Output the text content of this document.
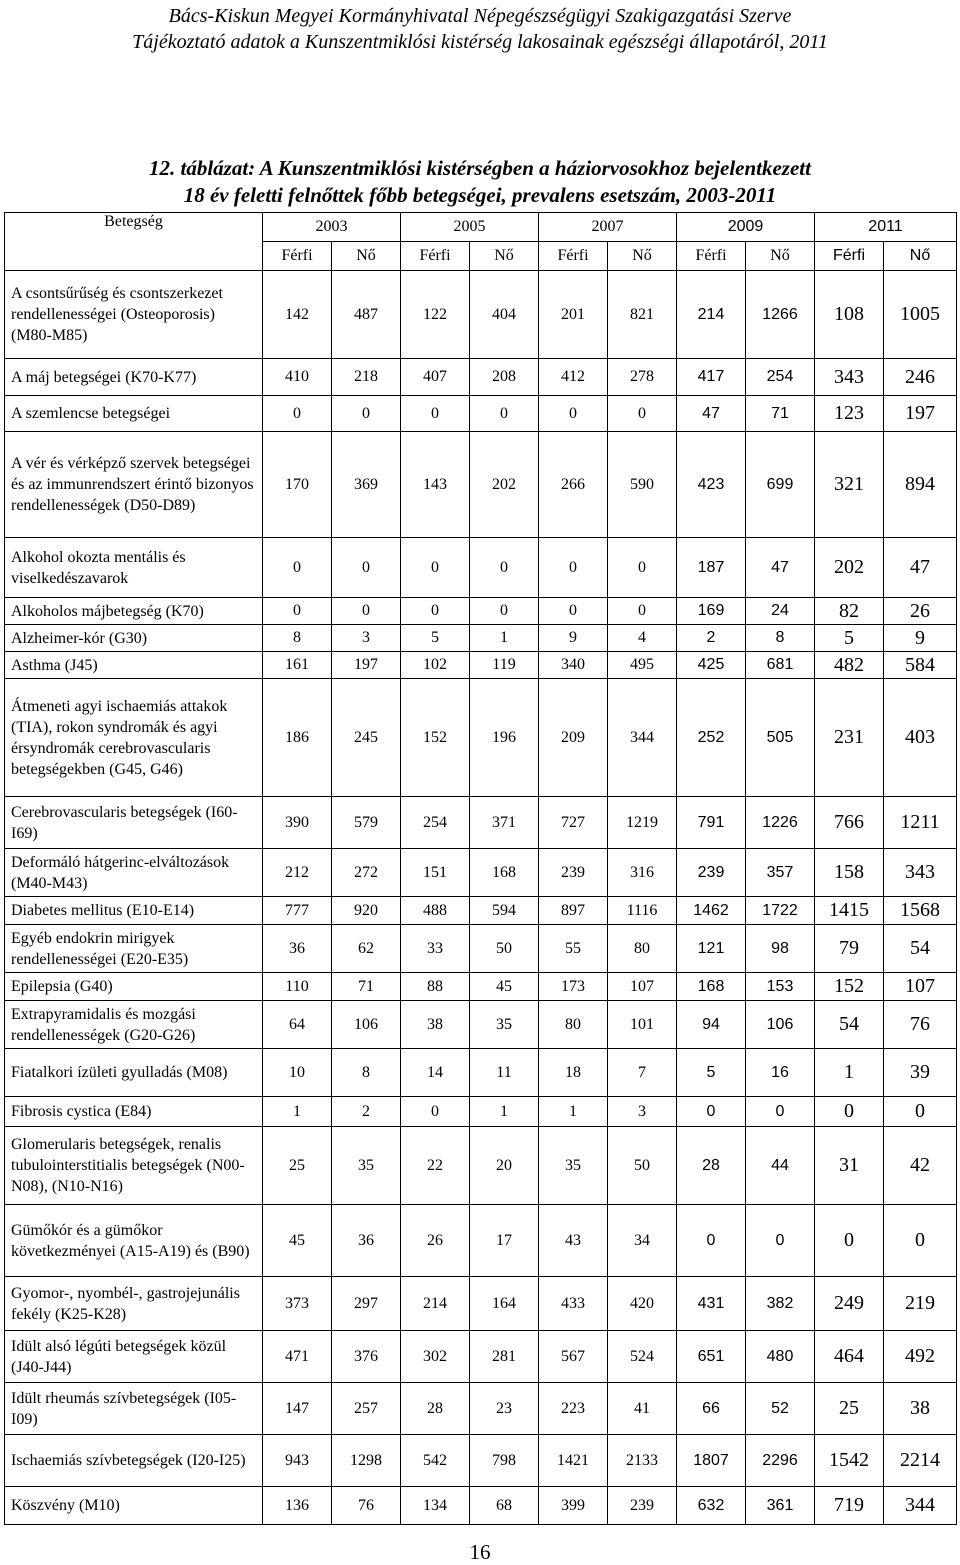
Bács-Kiskun Megyei Kormányhivatal Népegészségügyi Szakigazgatási Szerve
Tájékoztató adatok a Kunszentmiklósi kistérség lakosainak egészségi állapotáról, 2011
12. táblázat: A Kunszentmiklósi kistérségben a háziorvosokhoz bejelentkezett
18 év feletti felnőttek főbb betegségei, prevalens esetszám, 2003-2011
Betegség	2003		2005		2007		2009		2011	
	Férfi	Nő	Férfi	Nő	Férfi	Nő	Férfi	Nő	Férfi	Nő

A csontsűrűség és csontszerkezet rendellenességei (Osteoporosis) (M80-M85)	142	487	122	404	201	821	214	1266	108	1005

A máj betegségei (K70-K77)	410	218	407	208	412	278	417	254	343	246

A szemlencse betegségei	0	0	0	0	0	0	47	71	123	197

A vér és vérképző szervek betegségei és az immunrendszert érintő bizonyos rendellenességek (D50-D89)	170	369	143	202	266	590	423	699	321	894

Alkohol okozta mentális és viselkedészavarok	0	0	0	0	0	0	187	47	202	47

Alkoholos májbetegség (K70)	0	0	0	0	0	0	169	24	82	26

Alzheimer-kór (G30)	8	3	5	1	9	4	2	8	5	9

Asthma (J45)	161	197	102	119	340	495	425	681	482	584

Átmeneti agyi ischaemiás attakok (TIA), rokon syndromák és agyi érsyndromák cerebrovascularis betegségekben (G45, G46)	186	245	152	196	209	344	252	505	231	403

Cerebrovascularis betegségek (I60-I69)	390	579	254	371	727	1219	791	1226	766	1211

Deformáló hátgerinc-elváltozások (M40-M43)	212	272	151	168	239	316	239	357	158	343

Diabetes mellitus (E10-E14)	777	920	488	594	897	1116	1462	1722	1415	1568

Egyéb endokrin mirigyek rendellenességei (E20-E35)	36	62	33	50	55	80	121	98	79	54

Epilepsia (G40)	110	71	88	45	173	107	168	153	152	107

Extrapyramidalis és mozgási rendellenességek (G20-G26)	64	106	38	35	80	101	94	106	54	76

Fiatalkori ízületi gyulladás (M08)	10	8	14	11	18	7	5	16	1	39

Fibrosis cystica (E84)	1	2	0	1	1	3	0	0	0	0

Glomerularis betegségek, renalis tubulointerstitialis betegségek (N00-N08), (N10-N16)	25	35	22	20	35	50	28	44	31	42

Gümőkór és a gümőkor következményei (A15-A19) és (B90)	45	36	26	17	43	34	0	0	0	0

Gyomor-, nyombél-, gastrojejunális fekély (K25-K28)	373	297	214	164	433	420	431	382	249	219

Idült alsó légúti betegségek közül (J40-J44)	471	376	302	281	567	524	651	480	464	492

Idült rheumás szívbetegségek (I05-I09)	147	257	28	23	223	41	66	52	25	38

Ischaemiás szívbetegségek (I20-I25)	943	1298	542	798	1421	2133	1807	2296	1542	2214

Köszvény (M10)	136	76	134	68	399	239	632	361	719	344
16
